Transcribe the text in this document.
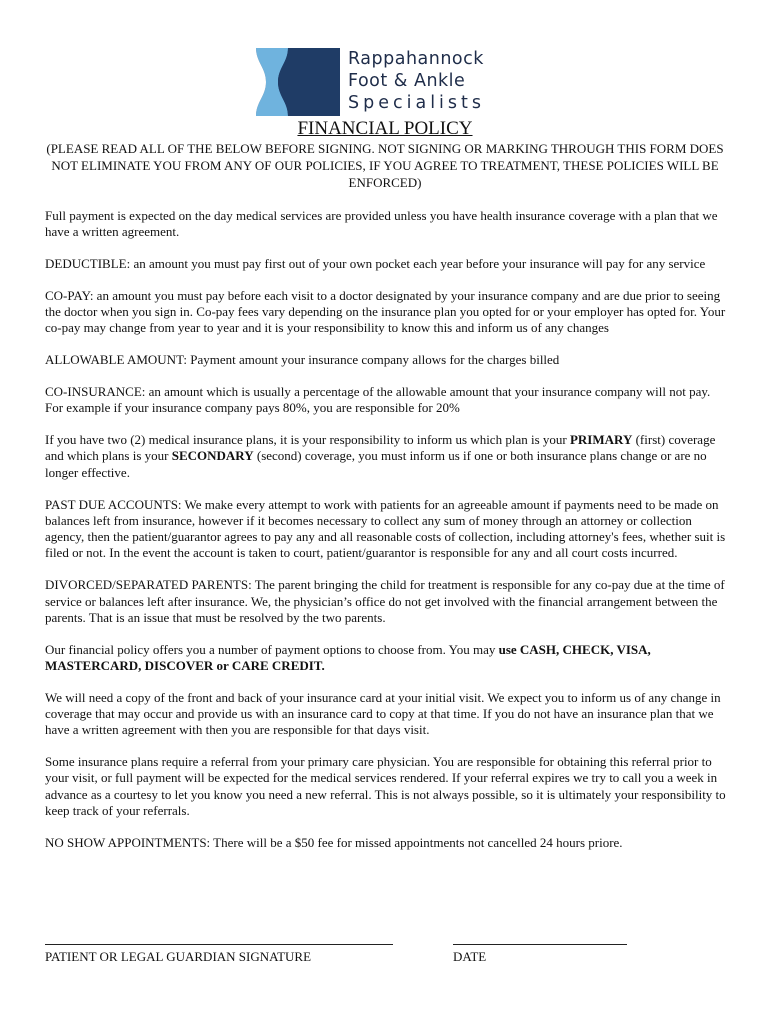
Rappahannock
Foot & Ankle
Specialists
FINANCIAL POLICY
(PLEASE READ ALL OF THE BELOW BEFORE SIGNING. NOT SIGNING OR MARKING THROUGH THIS FORM DOES NOT ELIMINATE YOU FROM ANY OF OUR POLICIES, IF YOU AGREE TO TREATMENT, THESE POLICIES WILL BE ENFORCED)

Full payment is expected on the day medical services are provided unless you have health insurance coverage with a plan that we have a written agreement.

DEDUCTIBLE: an amount you must pay first out of your own pocket each year before your insurance will pay for any service

CO-PAY: an amount you must pay before each visit to a doctor designated by your insurance company and are due prior to seeing the doctor when you sign in. Co-pay fees vary depending on the insurance plan you opted for or your employer has opted for. Your co-pay may change from year to year and it is your responsibility to know this and inform us of any changes

ALLOWABLE AMOUNT: Payment amount your insurance company allows for the charges billed

CO-INSURANCE: an amount which is usually a percentage of the allowable amount that your insurance company will not pay. For example if your insurance company pays 80%, you are responsible for 20%

If you have two (2) medical insurance plans, it is your responsibility to inform us which plan is your PRIMARY (first) coverage and which plans is your SECONDARY (second) coverage, you must inform us if one or both insurance plans change or are no longer effective.

PAST DUE ACCOUNTS: We make every attempt to work with patients for an agreeable amount if payments need to be made on balances left from insurance, however if it becomes necessary to collect any sum of money through an attorney or collection agency, then the patient/guarantor agrees to pay any and all reasonable costs of collection, including attorney's fees, whether suit is filed or not. In the event the account is taken to court, patient/guarantor is responsible for any and all court costs incurred.

DIVORCED/SEPARATED PARENTS: The parent bringing the child for treatment is responsible for any co-pay due at the time of service or balances left after insurance. We, the physician’s office do not get involved with the financial arrangement between the parents. That is an issue that must be resolved by the two parents.

Our financial policy offers you a number of payment options to choose from. You may use CASH, CHECK, VISA, MASTERCARD, DISCOVER or CARE CREDIT.

We will need a copy of the front and back of your insurance card at your initial visit. We expect you to inform us of any change in coverage that may occur and provide us with an insurance card to copy at that time. If you do not have an insurance plan that we have a written agreement with then you are responsible for that days visit.

Some insurance plans require a referral from your primary care physician. You are responsible for obtaining this referral prior to your visit, or full payment will be expected for the medical services rendered. If your referral expires we try to call you a week in advance as a courtesy to let you know you need a new referral. This is not always possible, so it is ultimately your responsibility to keep track of your referrals.

NO SHOW APPOINTMENTS: There will be a $50 fee for missed appointments not cancelled 24 hours priore.

PATIENT OR LEGAL GUARDIAN SIGNATURE	DATE
